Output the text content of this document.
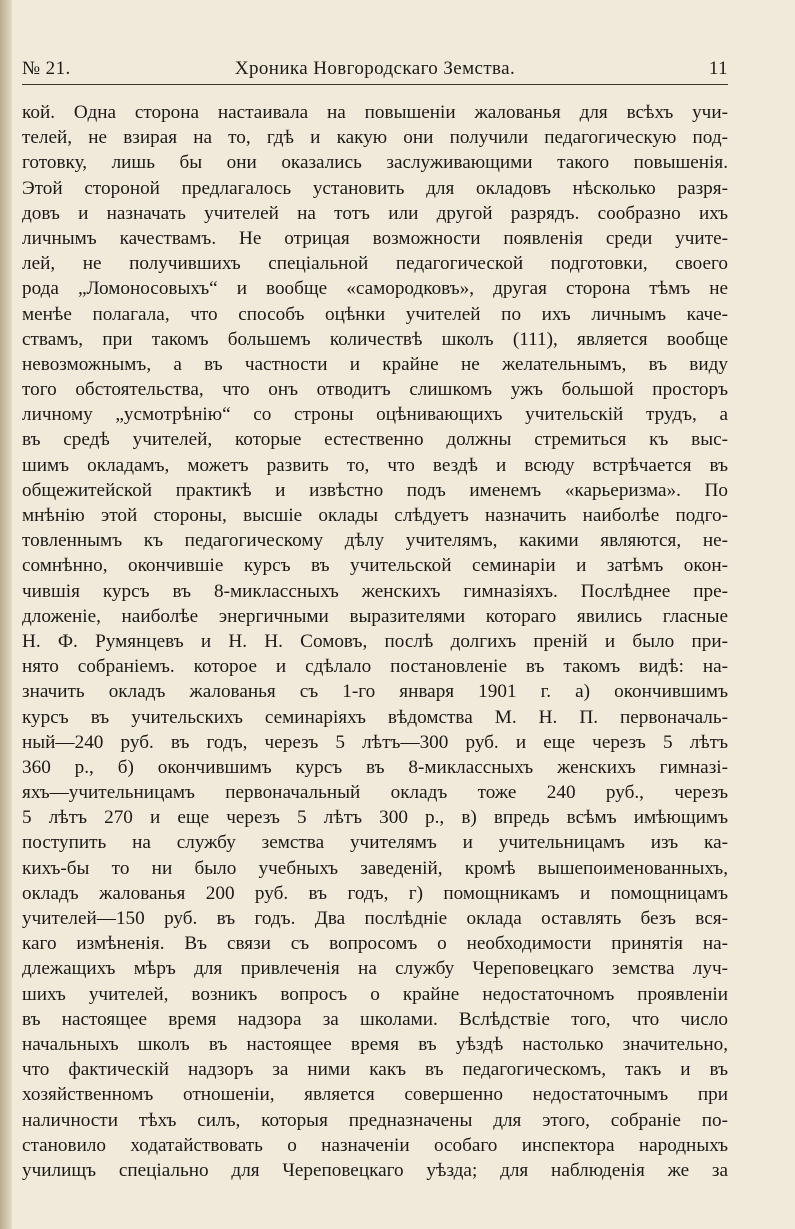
№ 21.	Хроника Новгородскаго Земства.	11
кой. Одна сторона настаивала на повышеніи жалованья для всѣхъ учи-
телей, не взирая на то, гдѣ и какую они получили педагогическую под-
готовку, лишь бы они оказались заслуживающими такого повышенія.
Этой стороной предлагалось установить для окладовъ нѣсколько разря-
довъ и назначать учителей на тотъ или другой разрядъ. сообразно ихъ
личнымъ качествамъ. Не отрицая возможности появленія среди учите-
лей, не получившихъ спеціальной педагогической подготовки, своего
рода „Ломоносовыхъ“ и вообще «самородковъ», другая сторона тѣмъ не
менѣе полагала, что способъ оцѣнки учителей по ихъ личнымъ каче-
ствамъ, при такомъ большемъ количествѣ школъ (111), является вообще
невозможнымъ, а въ частности и крайне не желательнымъ, въ виду
того обстоятельства, что онъ отводитъ слишкомъ ужъ большой просторъ
личному „усмотрѣнію“ со строны оцѣнивающихъ учительскій трудъ, а
въ средѣ учителей, которые естественно должны стремиться къ выс-
шимъ окладамъ, можетъ развить то, что вездѣ и всюду встрѣчается въ
общежитейской практикѣ и извѣстно подъ именемъ «карьеризма». По
мнѣнію этой стороны, высшіе оклады слѣдуетъ назначить наиболѣе подго-
товленнымъ къ педагогическому дѣлу учителямъ, какими являются, не-
сомнѣнно, окончившіе курсъ въ учительской семинаріи и затѣмъ окон-
чившія курсъ въ 8-миклассныхъ женскихъ гимназіяхъ. Послѣднее пре-
дложеніе, наиболѣе энергичными выразителями котораго явились гласные
Н. Ф. Румянцевъ и Н. Н. Сомовъ, послѣ долгихъ преній и было при-
нято собраніемъ. которое и сдѣлало постановленіе въ такомъ видѣ: на-
значить окладъ жалованья съ 1-го января 1901 г. а) окончившимъ
курсъ въ учительскихъ семинаріяхъ вѣдомства М. Н. П. первоначаль-
ный—240 руб. въ годъ, черезъ 5 лѣтъ—300 руб. и еще черезъ 5 лѣтъ
360 р., б) окончившимъ курсъ въ 8-миклассныхъ женскихъ гимназі-
яхъ—учительницамъ первоначальный окладъ тоже 240 руб., черезъ
5 лѣтъ 270 и еще черезъ 5 лѣтъ 300 р., в) впредь всѣмъ имѣющимъ
поступить на службу земства учителямъ и учительницамъ изъ ка-
кихъ-бы то ни было учебныхъ заведеній, кромѣ вышепоименованныхъ,
окладъ жалованья 200 руб. въ годъ, г) помощникамъ и помощницамъ
учителей—150 руб. въ годъ. Два послѣдніе оклада оставлять безъ вся-
каго измѣненія. Въ связи съ вопросомъ о необходимости принятія на-
длежащихъ мѣръ для привлеченія на службу Череповецкаго земства луч-
шихъ учителей, возникъ вопросъ о крайне недостаточномъ проявленіи
въ настоящее время надзора за школами. Вслѣдствіе того, что число
начальныхъ школъ въ настоящее время въ уѣздѣ настолько значительно,
что фактическій надзоръ за ними какъ въ педагогическомъ, такъ и въ
хозяйственномъ отношеніи, является совершенно недостаточнымъ при
наличности тѣхъ силъ, которыя предназначены для этого, собраніе по-
становило ходатайствовать о назначеніи особаго инспектора народныхъ
училищъ спеціально для Череповецкаго уѣзда; для наблюденія же за
